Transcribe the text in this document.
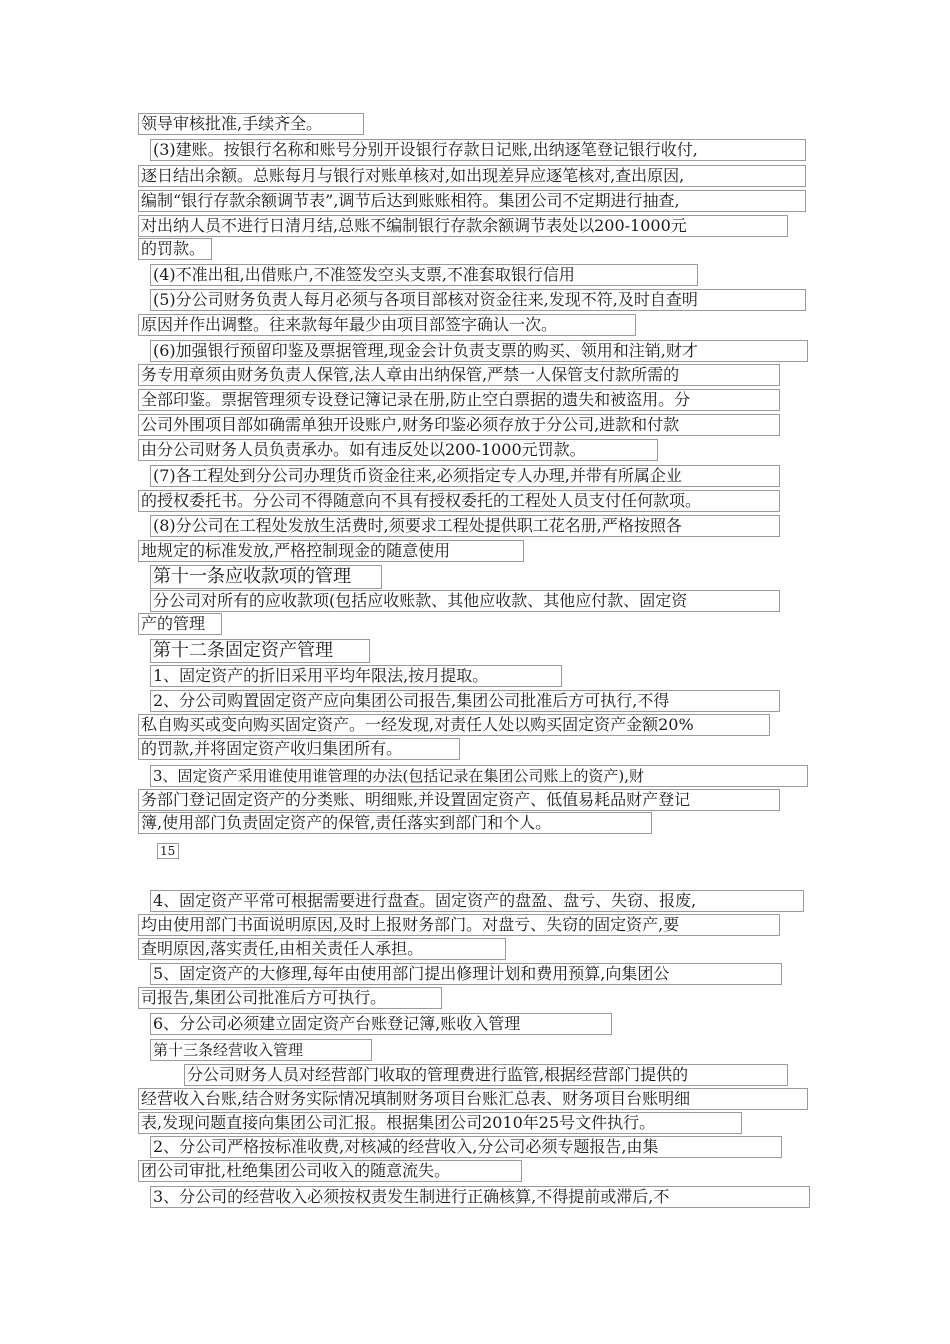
领导审核批准,手续齐全。
(3)建账。按银行名称和账号分别开设银行存款日记账,出纳逐笔登记银行收付,
逐日结出余额。总账每月与银行对账单核对,如出现差异应逐笔核对,查出原因,
编制“银行存款余额调节表”,调节后达到账账相符。集团公司不定期进行抽查,
对出纳人员不进行日清月结,总账不编制银行存款余额调节表处以200-1000元
的罚款。
(4)不准出租,出借账户,不准签发空头支票,不准套取银行信用
(5)分公司财务负责人每月必须与各项目部核对资金往来,发现不符,及时自查明
原因并作出调整。往来款每年最少由项目部签字确认一次。
(6)加强银行预留印鉴及票据管理,现金会计负责支票的购买、领用和注销,财才
务专用章须由财务负责人保管,法人章由出纳保管,严禁一人保管支付款所需的
全部印鉴。票据管理须专设登记簿记录在册,防止空白票据的遗失和被盗用。分
公司外围项目部如确需单独开设账户,财务印鉴必须存放于分公司,进款和付款
由分公司财务人员负责承办。如有违反处以200-1000元罚款。
(7)各工程处到分公司办理货币资金往来,必须指定专人办理,并带有所属企业
的授权委托书。分公司不得随意向不具有授权委托的工程处人员支付任何款项。
(8)分公司在工程处发放生活费时,须要求工程处提供职工花名册,严格按照各
地规定的标准发放,严格控制现金的随意使用
第十一条应收款项的管理
分公司对所有的应收款项(包括应收账款、其他应收款、其他应付款、固定资
产的管理
第十二条固定资产管理
1、固定资产的折旧采用平均年限法,按月提取。
2、分公司购置固定资产应向集团公司报告,集团公司批准后方可执行,不得
私自购买或变向购买固定资产。一经发现,对责任人处以购买固定资产金额20%
的罚款,并将固定资产收归集团所有。
3、固定资产采用谁使用谁管理的办法(包括记录在集团公司账上的资产),财
务部门登记固定资产的分类账、明细账,并设置固定资产、低值易耗品财产登记
簿,使用部门负责固定资产的保管,责任落实到部门和个人。
15
4、固定资产平常可根据需要进行盘查。固定资产的盘盈、盘亏、失窃、报废,
均由使用部门书面说明原因,及时上报财务部门。对盘亏、失窃的固定资产,要
查明原因,落实责任,由相关责任人承担。
5、固定资产的大修理,每年由使用部门提出修理计划和费用预算,向集团公
司报告,集团公司批准后方可执行。
6、分公司必须建立固定资产台账登记簿,账收入管理
第十三条经营收入管理
分公司财务人员对经营部门收取的管理费进行监管,根据经营部门提供的
经营收入台账,结合财务实际情况填制财务项目台账汇总表、财务项目台账明细
表,发现问题直接向集团公司汇报。根据集团公司2010年25号文件执行。
2、分公司严格按标准收费,对核减的经营收入,分公司必须专题报告,由集
团公司审批,杜绝集团公司收入的随意流失。
3、分公司的经营收入必须按权责发生制进行正确核算,不得提前或滞后,不
